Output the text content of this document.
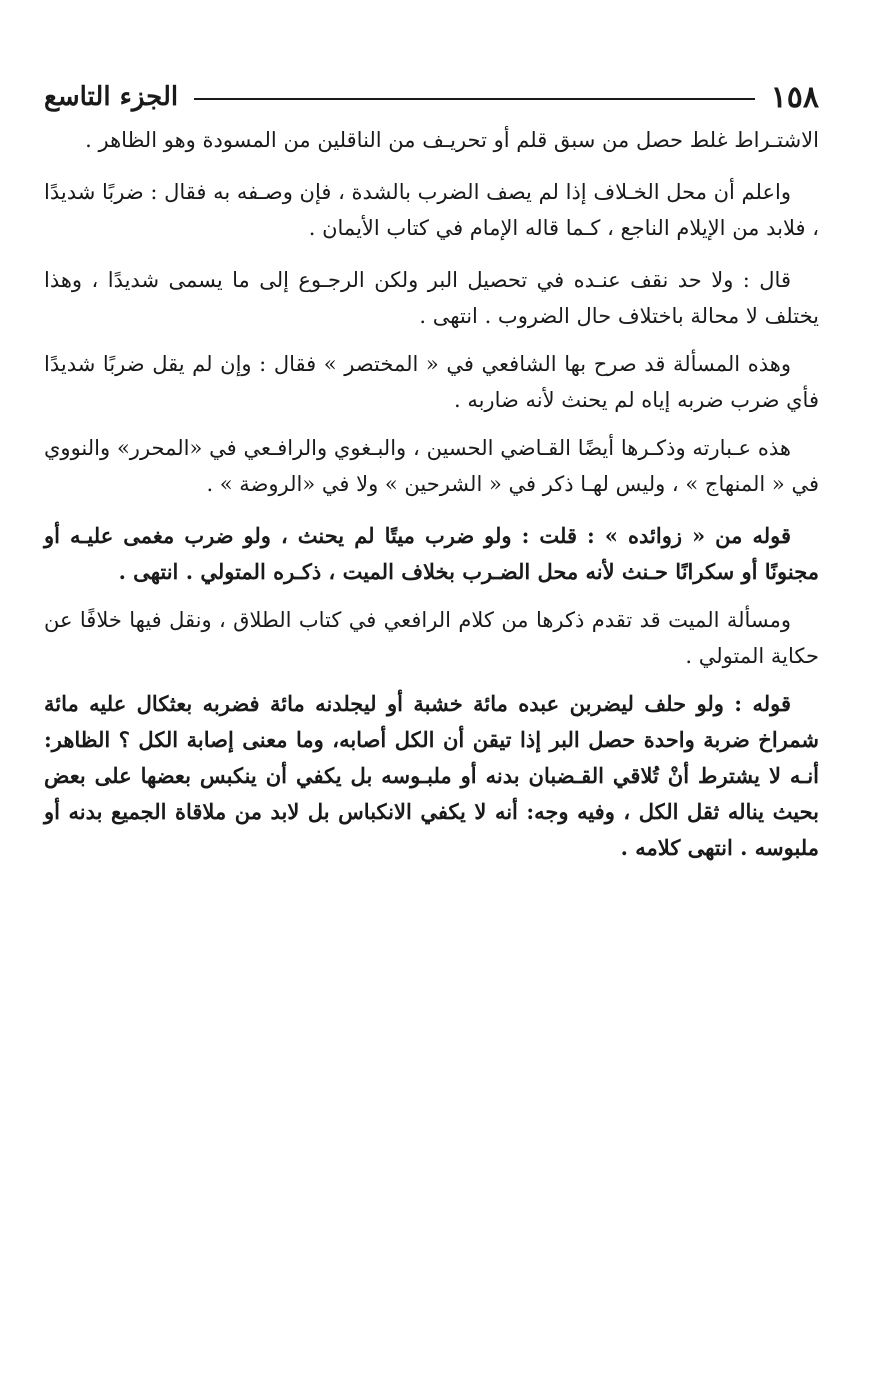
١٥٨
الجزء التاسع

الاشتـراط غلط حصل من سبق قلم أو تحريـف من الناقلين من المسودة وهو الظاهر .

واعلم أن محل الخـلاف إذا لم يصف الضرب بالشدة ، فإن وصـفه به فقال : ضربًا شديدًا ، فلابد من الإيلام الناجع ، كـما قاله الإمام في كتاب الأيمان .

قال : ولا حد نقف عنـده في تحصيل البر ولكن الرجـوع إلى ما يسمى شديدًا ، وهذا يختلف لا محالة باختلاف حال الضروب . انتهى .

وهذه المسألة قد صرح بها الشافعي في « المختصر » فقال : وإن لم يقل ضربًا شديدًا فأي ضرب ضربه إياه لم يحنث لأنه ضاربه .

هذه عـبارته وذكـرها أيضًا القـاضي الحسين ، والبـغوي والرافـعي في «المحرر» والنووي في « المنهاج » ، وليس لهـا ذكر في « الشرحين » ولا في «الروضة » .

قوله من « زوائده » : قلت : ولو ضرب ميتًا لم يحنث ، ولو ضرب مغمى عليـه أو مجنونًا أو سكرانًا حـنث لأنه محل الضـرب بخلاف الميت ، ذكـره المتولي . انتهى .

ومسألة الميت قد تقدم ذكرها من كلام الرافعي في كتاب الطلاق ، ونقل فيها خلافًا عن حكاية المتولي .

قوله : ولو حلف ليضربن عبده مائة خشبة أو ليجلدنه مائة فضربه بعثكال عليه مائة شمراخ ضربة واحدة حصل البر إذا تيقن أن الكل أصابه، وما معنى إصابة الكل ؟ الظاهر: أنـه لا يشترط أنْ تُلاقي القـضبان بدنه أو ملبـوسه بل يكفي أن ينكبس بعضها على بعض بحيث يناله ثقل الكل ، وفيه وجه: أنه لا يكفي الانكباس بل لابد من ملاقاة الجميع بدنه أو ملبوسه . انتهى كلامه .
